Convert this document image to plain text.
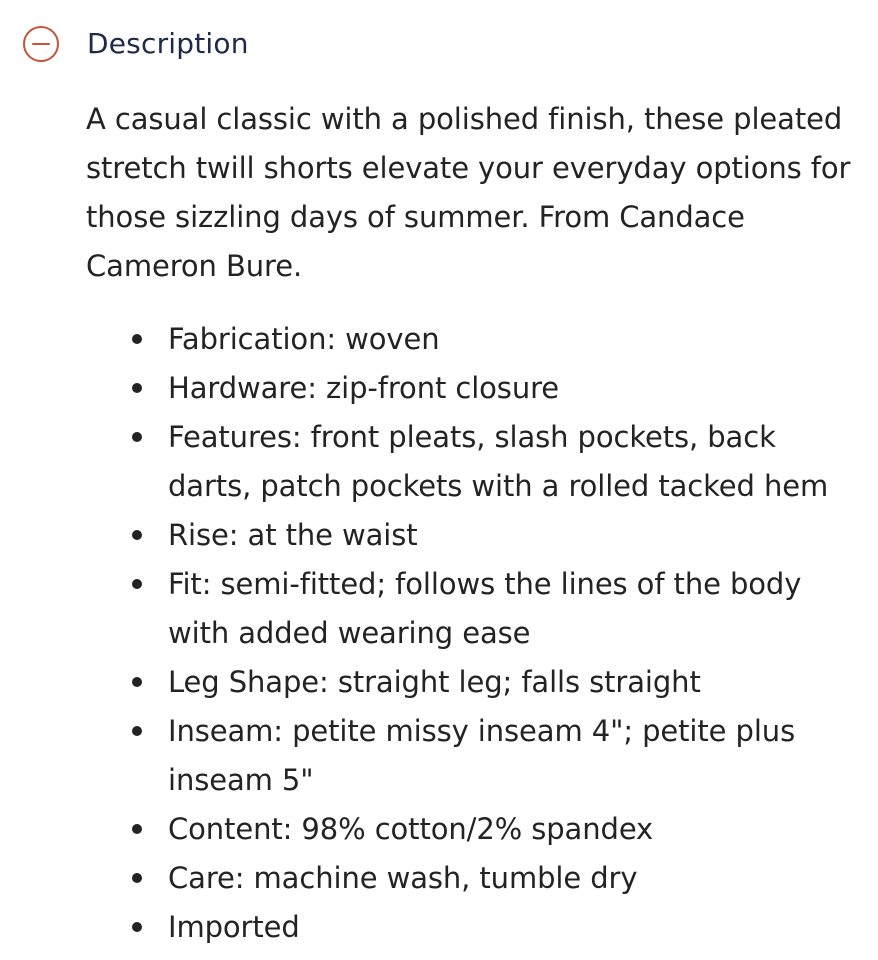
Description

A casual classic with a polished finish, these pleated stretch twill shorts elevate your everyday options for those sizzling days of summer. From Candace Cameron Bure.

Fabrication: woven
Hardware: zip-front closure
Features: front pleats, slash pockets, back darts, patch pockets with a rolled tacked hem
Rise: at the waist
Fit: semi-fitted; follows the lines of the body with added wearing ease
Leg Shape: straight leg; falls straight
Inseam: petite missy inseam 4"; petite plus inseam 5"
Content: 98% cotton/2% spandex
Care: machine wash, tumble dry
Imported
